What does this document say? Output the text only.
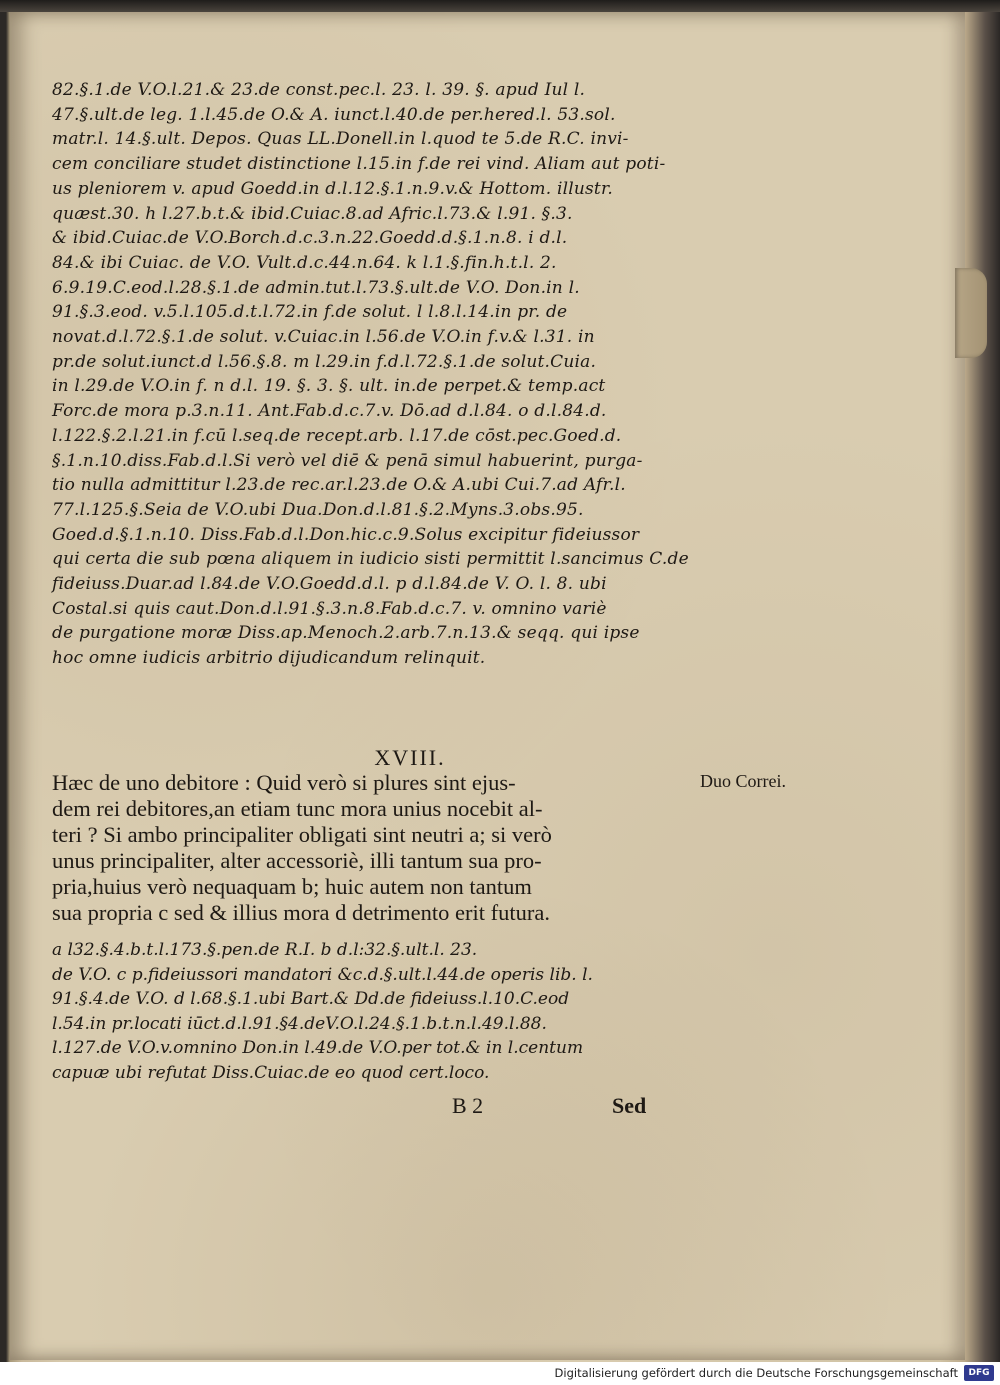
82.§.1.de V.O.l.21.& 23.de const.pec.l. 23. l. 39. §. apud Iul l.
47.§.ult.de leg. 1.l.45.de O.& A. iunct.l.40.de per.hered.l. 53.sol.
matr.l. 14.§.ult. Depos. Quas LL.Donell.in l.quod te 5.de R.C. invi-
cem conciliare studet distinctione l.15.in f.de rei vind. Aliam aut poti-
us pleniorem v. apud Goedd.in d.l.12.§.1.n.9.v.& Hottom. illustr.
quæst.30. h l.27.b.t.& ibid.Cuiac.8.ad Afric.l.73.& l.91. §.3.
& ibid.Cuiac.de V.O.Borch.d.c.3.n.22.Goedd.d.§.1.n.8. i d.l.
84.& ibi Cuiac. de V.O. Vult.d.c.44.n.64. k l.1.§.fin.h.t.l. 2.
6.9.19.C.eod.l.28.§.1.de admin.tut.l.73.§.ult.de V.O. Don.in l.
91.§.3.eod. v.5.l.105.d.t.l.72.in f.de solut. l l.8.l.14.in pr. de
novat.d.l.72.§.1.de solut. v.Cuiac.in l.56.de V.O.in f.v.& l.31. in
pr.de solut.iunct.d l.56.§.8. m l.29.in f.d.l.72.§.1.de solut.Cuia.
in l.29.de V.O.in f. n d.l. 19. §. 3. §. ult. in.de perpet.& temp.act
Forc.de mora p.3.n.11. Ant.Fab.d.c.7.v. Dō.ad d.l.84. o d.l.84.d.
l.122.§.2.l.21.in f.cū l.seq.de recept.arb. l.17.de cōst.pec.Goed.d.
§.1.n.10.diss.Fab.d.l.Si verò vel diē & penā simul habuerint, purga-
tio nulla admittitur l.23.de rec.ar.l.23.de O.& A.ubi Cui.7.ad Afr.l.
77.l.125.§.Seia de V.O.ubi Dua.Don.d.l.81.§.2.Myns.3.obs.95.
Goed.d.§.1.n.10. Diss.Fab.d.l.Don.hic.c.9.Solus excipitur fideiussor
qui certa die sub pœna aliquem in iudicio sisti permittit l.sancimus C.de
fideiuss.Duar.ad l.84.de V.O.Goedd.d.l. p d.l.84.de V. O. l. 8. ubi
Costal.si quis caut.Don.d.l.91.§.3.n.8.Fab.d.c.7. v. omnino variè
de purgatione moræ Diss.ap.Menoch.2.arb.7.n.13.& seqq. qui ipse
hoc omne iudicis arbitrio dijudicandum relinquit.
XVIII.
Hæc de uno debitore : Quid verò si plures sint ejus-
dem rei debitores,an etiam tunc mora unius nocebit al-
teri ? Si ambo principaliter obligati sint neutri a; si verò
unus principaliter, alter accessoriè, illi tantum sua pro-
pria,huius verò nequaquam b; huic autem non tantum
sua propria c sed & illius mora d detrimento erit futura.
Duo Correi.
a l32.§.4.b.t.l.173.§.pen.de R.I. b d.l:32.§.ult.l. 23.
de V.O. c p.fideiussori mandatori &c.d.§.ult.l.44.de operis lib. l.
91.§.4.de V.O. d l.68.§.1.ubi Bart.& Dd.de fideiuss.l.10.C.eod
l.54.in pr.locati iūct.d.l.91.§4.deV.O.l.24.§.1.b.t.n.l.49.l.88.
l.127.de V.O.v.omnino Don.in l.49.de V.O.per tot.& in l.centum
capuæ ubi refutat Diss.Cuiac.de eo quod cert.loco.
B 2	Sed
Digitalisierung gefördert durch die Deutsche Forschungsgemeinschaft	DFG
